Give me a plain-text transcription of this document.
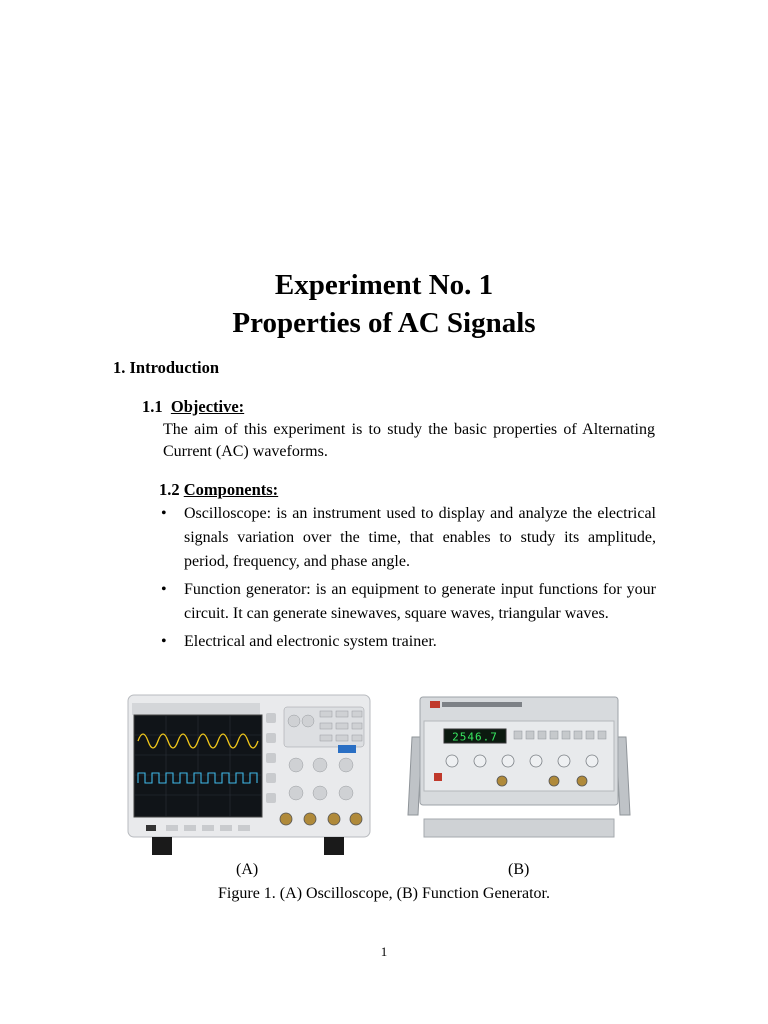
Experiment No. 1
Properties of AC Signals
1. Introduction
1.1 Objective:
The aim of this experiment is to study the basic properties of Alternating Current (AC) waveforms.
1.2 Components:
• Oscilloscope: is an instrument used to display and analyze the electrical signals variation over the time, that enables to study its amplitude, period, frequency, and phase angle.
• Function generator: is an equipment to generate input functions for your circuit. It can generate sinewaves, square waves, triangular waves.
• Electrical and electronic system trainer.
2546.7
(A)	(B)
Figure 1. (A) Oscilloscope, (B) Function Generator.
1
